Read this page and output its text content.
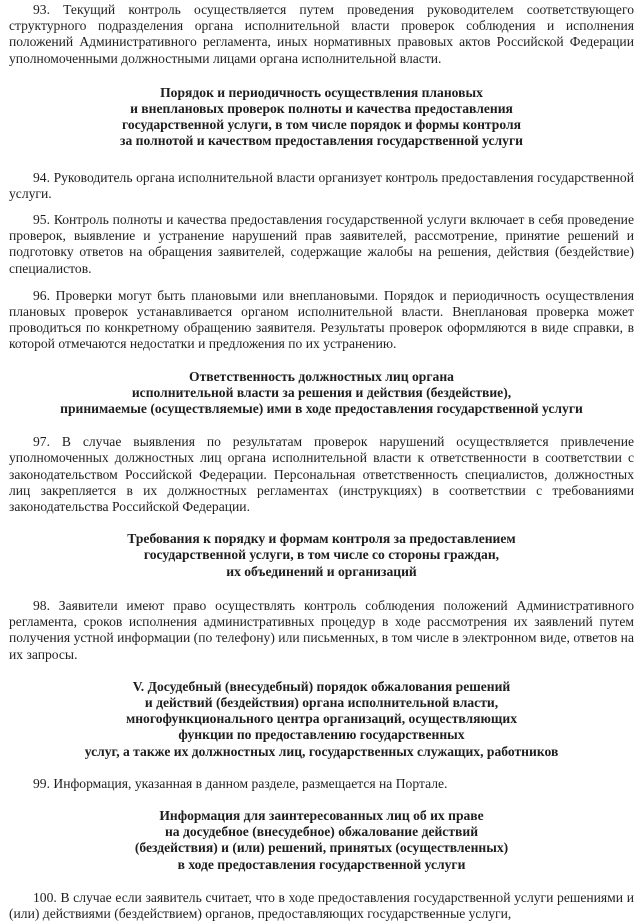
93. Текущий контроль осуществляется путем проведения руководителем соответствующего структурного подразделения органа исполнительной власти проверок соблюдения и исполнения положений Административного регламента, иных нормативных правовых актов Российской Федерации уполномоченными должностными лицами органа исполнительной власти.

Порядок и периодичность осуществления плановых
и внеплановых проверок полноты и качества предоставления
государственной услуги, в том числе порядок и формы контроля
за полнотой и качеством предоставления государственной услуги

94. Руководитель органа исполнительной власти организует контроль предоставления государственной услуги.

95. Контроль полноты и качества предоставления государственной услуги включает в себя проведение проверок, выявление и устранение нарушений прав заявителей, рассмотрение, принятие решений и подготовку ответов на обращения заявителей, содержащие жалобы на решения, действия (бездействие) специалистов.

96. Проверки могут быть плановыми или внеплановыми. Порядок и периодичность осуществления плановых проверок устанавливается органом исполнительной власти. Внеплановая проверка может проводиться по конкретному обращению заявителя. Результаты проверок оформляются в виде справки, в которой отмечаются недостатки и предложения по их устранению.

Ответственность должностных лиц органа
исполнительной власти за решения и действия (бездействие),
принимаемые (осуществляемые) ими в ходе предоставления государственной услуги

97. В случае выявления по результатам проверок нарушений осуществляется привлечение уполномоченных должностных лиц органа исполнительной власти к ответственности в соответствии с законодательством Российской Федерации. Персональная ответственность специалистов, должностных лиц закрепляется в их должностных регламентах (инструкциях) в соответствии с требованиями законодательства Российской Федерации.

Требования к порядку и формам контроля за предоставлением
государственной услуги, в том числе со стороны граждан,
их объединений и организаций

98. Заявители имеют право осуществлять контроль соблюдения положений Административного регламента, сроков исполнения административных процедур в ходе рассмотрения их заявлений путем получения устной информации (по телефону) или письменных, в том числе в электронном виде, ответов на их запросы.

V. Досудебный (внесудебный) порядок обжалования решений
и действий (бездействия) органа исполнительной власти,
многофункционального центра организаций, осуществляющих
функции по предоставлению государственных
услуг, а также их должностных лиц, государственных служащих, работников

99. Информация, указанная в данном разделе, размещается на Портале.

Информация для заинтересованных лиц об их праве
на досудебное (внесудебное) обжалование действий
(бездействия) и (или) решений, принятых (осуществленных)
в ходе предоставления государственной услуги

100. В случае если заявитель считает, что в ходе предоставления государственной услуги решениями и (или) действиями (бездействием) органов, предоставляющих государственные услуги,
